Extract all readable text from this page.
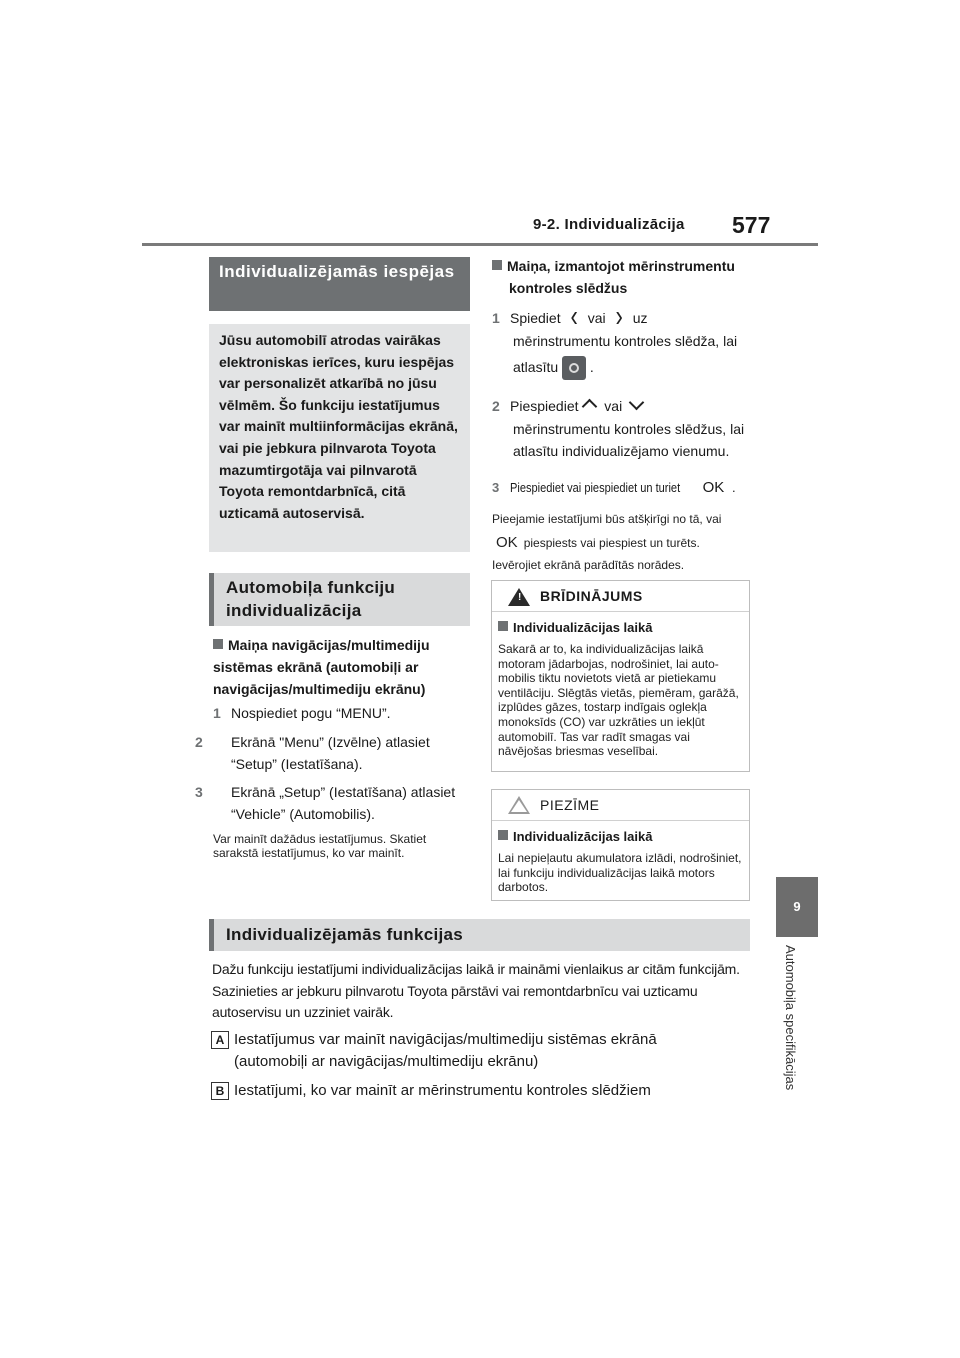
9-2. Individualizācija 577
9
Automobiļa specifikācijas
Individualizējamās iespējas
Jūsu automobilī atrodas vairākas elektroniskas ierīces, kuru iespējas var personalizēt atkarībā no jūsu vēlmēm. Šo funkciju iestatījumus var mainīt multiinformācijas ekrānā, vai pie jebkura pilnvarota Toyota mazumtirgotāja vai pilnvarotā Toyota remontdarbnīcā, citā uzticamā autoservisā.
Automobiļa funkciju individualizācija
Maiņa navigācijas/multimediju sistēmas ekrānā (automobiļi ar navigācijas/multimediju ekrānu)
1 Nospiediet pogu “MENU”.
2 Ekrānā "Menu” (Izvēlne) atlasiet “Setup” (Iestatīšana).
3 Ekrānā „Setup” (Iestatīšana) atlasiet “Vehicle” (Automobilis).
Var mainīt dažādus iestatījumus. Skatiet sarakstā iestatījumus, ko var mainīt.
Maiņa, izmantojot mērinstrumentu kontroles slēdžus
1 Spiediet ‹ vai › uz
mērinstrumentu kontroles slēdža, lai
atlasītu .
2 Piespiediet vai
mērinstrumentu kontroles slēdžus, lai atlasītu individualizējamo vienumu.
3 Piespiediet vai piespiediet un turiet OK .
Pieejamie iestatījumi būs atšķirīgi no tā, vai
OK piespiests vai piespiest un turēts.
Ievērojiet ekrānā parādītās norādes.
! BRĪDINĀJUMS
Individualizācijas laikā
Sakarā ar to, ka individualizācijas laikā motoram jādarbojas, nodrošiniet, lai auto-mobilis tiktu novietots vietā ar pietiekamu ventilāciju. Slēgtās vietās, piemēram, garāžā, izplūdes gāzes, tostarp indīgais oglekļa monoksīds (CO) var uzkrāties un iekļūt automobilī. Tas var radīt smagas vai nāvējošas briesmas veselībai.
PIEZĪME
Individualizācijas laikā
Lai nepieļautu akumulatora izlādi, nodrošiniet, lai funkciju individualizācijas laikā motors darbotos.
Individualizējamās funkcijas
Dažu funkciju iestatījumi individualizācijas laikā ir maināmi vienlaikus ar citām funkcijām. Sazinieties ar jebkuru pilnvarotu Toyota pārstāvi vai remontdarbnīcu vai uzticamu autoservisu un uzziniet vairāk.
A Iestatījumus var mainīt navigācijas/multimediju sistēmas ekrānā (automobiļi ar navigācijas/multimediju ekrānu)
B Iestatījumi, ko var mainīt ar mērinstrumentu kontroles slēdžiem
